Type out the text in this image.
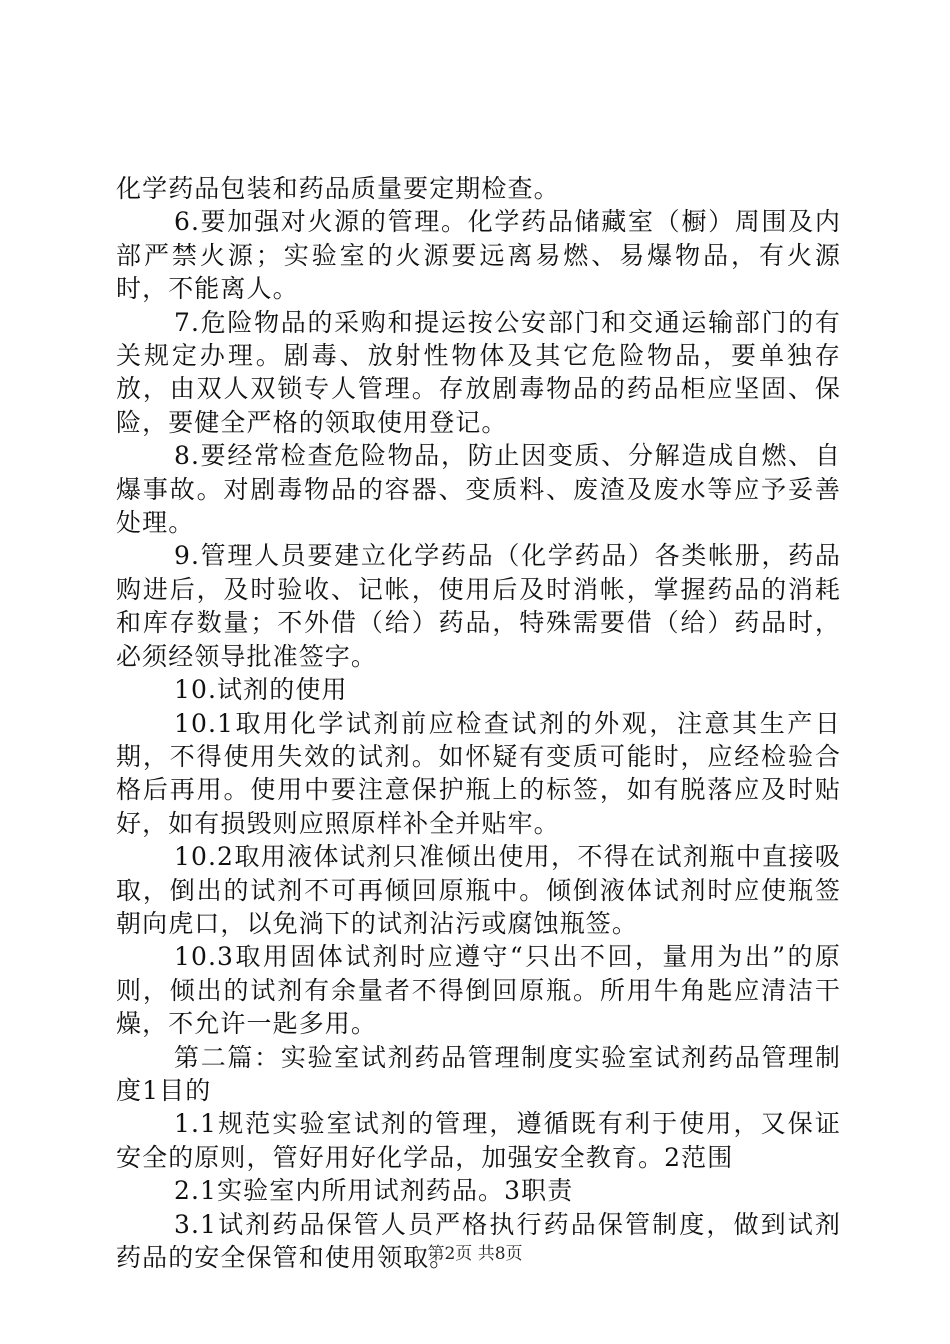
化学药品包装和药品质量要定期检查。

6.要加强对火源的管理。化学药品储藏室（橱）周围及内部严禁火源；实验室的火源要远离易燃、易爆物品，有火源时，不能离人。

7.危险物品的采购和提运按公安部门和交通运输部门的有关规定办理。剧毒、放射性物体及其它危险物品，要单独存放，由双人双锁专人管理。存放剧毒物品的药品柜应坚固、保险，要健全严格的领取使用登记。

8.要经常检查危险物品，防止因变质、分解造成自燃、自爆事故。对剧毒物品的容器、变质料、废渣及废水等应予妥善处理。

9.管理人员要建立化学药品（化学药品）各类帐册，药品购进后，及时验收、记帐，使用后及时消帐，掌握药品的消耗和库存数量；不外借（给）药品，特殊需要借（给）药品时，必须经领导批准签字。

10.试剂的使用

10.1取用化学试剂前应检查试剂的外观，注意其生产日期，不得使用失效的试剂。如怀疑有变质可能时，应经检验合格后再用。使用中要注意保护瓶上的标签，如有脱落应及时贴好，如有损毁则应照原样补全并贴牢。

10.2取用液体试剂只准倾出使用，不得在试剂瓶中直接吸取，倒出的试剂不可再倾回原瓶中。倾倒液体试剂时应使瓶签朝向虎口，以免淌下的试剂沾污或腐蚀瓶签。

10.3取用固体试剂时应遵守“只出不回，量用为出”的原则，倾出的试剂有余量者不得倒回原瓶。所用牛角匙应清洁干燥，不允许一匙多用。

第二篇：实验室试剂药品管理制度实验室试剂药品管理制度1目的

1.1规范实验室试剂的管理，遵循既有利于使用，又保证安全的原则，管好用好化学品，加强安全教育。2范围

2.1实验室内所用试剂药品。3职责

3.1试剂药品保管人员严格执行药品保管制度，做到试剂药品的安全保管和使用领取。

第2页 共8页
